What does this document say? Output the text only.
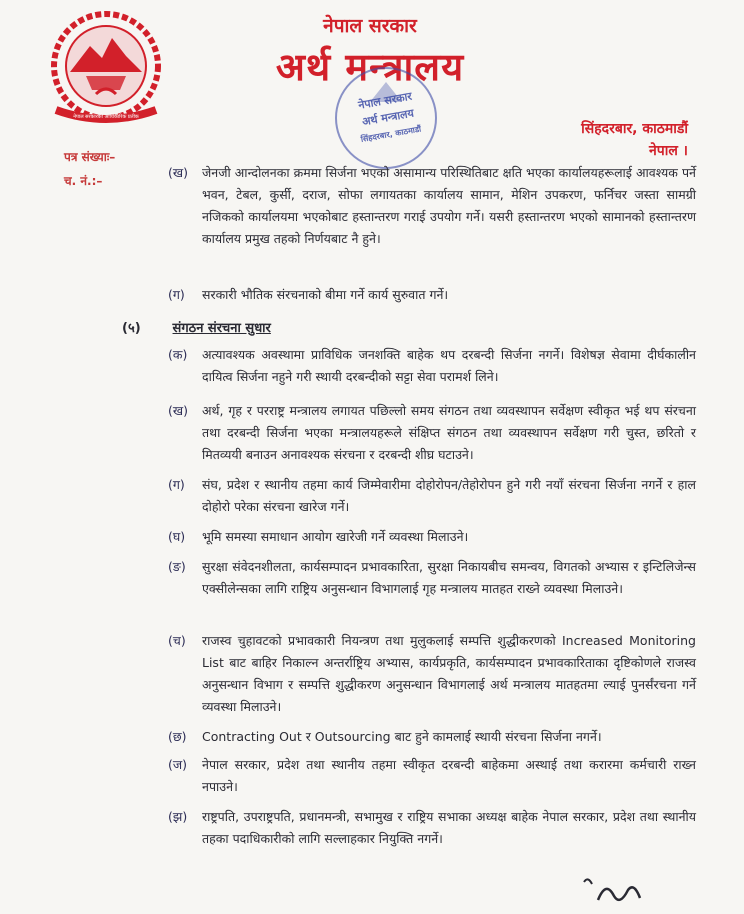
नेपाल सरकारको आधिकारिक प्रतीक
नेपाल सरकार
अर्थ मन्त्रालय
नेपाल सरकार
अर्थ मन्त्रालय
सिंहदरबार, काठमाडौं	सिंहदरबार, काठमाडौं
नेपाल ।
पत्र संख्याः–
च. नं.:–
(ख) जेनजी आन्दोलनका क्रममा सिर्जना भएको असामान्य परिस्थितिबाट क्षति भएका कार्यालयहरूलाई आवश्यक पर्ने भवन, टेबल, कुर्सी, दराज, सोफा लगायतका कार्यालय सामान, मेशिन उपकरण, फर्निचर जस्ता सामग्री नजिकको कार्यालयमा भएकोबाट हस्तान्तरण गराई उपयोग गर्ने। यसरी हस्तान्तरण भएको सामानको हस्तान्तरण कार्यालय प्रमुख तहको निर्णयबाट नै हुने।
(ग) सरकारी भौतिक संरचनाको बीमा गर्ने कार्य सुरुवात गर्ने।
(५) संगठन संरचना सुधार
(क) अत्यावश्यक अवस्थामा प्राविधिक जनशक्ति बाहेक थप दरबन्दी सिर्जना नगर्ने। विशेषज्ञ सेवामा दीर्घकालीन दायित्व सिर्जना नहुने गरी स्थायी दरबन्दीको सट्टा सेवा परामर्श लिने।
(ख) अर्थ, गृह र परराष्ट्र मन्त्रालय लगायत पछिल्लो समय संगठन तथा व्यवस्थापन सर्वेक्षण स्वीकृत भई थप संरचना तथा दरबन्दी सिर्जना भएका मन्त्रालयहरूले संक्षिप्त संगठन तथा व्यवस्थापन सर्वेक्षण गरी चुस्त, छरितो र मितव्ययी बनाउन अनावश्यक संरचना र दरबन्दी शीघ्र घटाउने।
(ग) संघ, प्रदेश र स्थानीय तहमा कार्य जिम्मेवारीमा दोहोरोपन/तेहोरोपन हुने गरी नयाँ संरचना सिर्जना नगर्ने र हाल दोहोरो परेका संरचना खारेज गर्ने।
(घ) भूमि समस्या समाधान आयोग खारेजी गर्ने व्यवस्था मिलाउने।
(ङ) सुरक्षा संवेदनशीलता, कार्यसम्पादन प्रभावकारिता, सुरक्षा निकायबीच समन्वय, विगतको अभ्यास र इन्टिलिजेन्स एक्सीलेन्सका लागि राष्ट्रिय अनुसन्धान विभागलाई गृह मन्त्रालय मातहत राख्ने व्यवस्था मिलाउने।
(च) राजस्व चुहावटको प्रभावकारी नियन्त्रण तथा मुलुकलाई सम्पत्ति शुद्धीकरणको Increased Monitoring List बाट बाहिर निकाल्न अन्तर्राष्ट्रिय अभ्यास, कार्यप्रकृति, कार्यसम्पादन प्रभावकारिताका दृष्टिकोणले राजस्व अनुसन्धान विभाग र सम्पत्ति शुद्धीकरण अनुसन्धान विभागलाई अर्थ मन्त्रालय मातहतमा ल्याई पुनर्संरचना गर्ने व्यवस्था मिलाउने।
(छ) Contracting Out र Outsourcing बाट हुने कामलाई स्थायी संरचना सिर्जना नगर्ने।
(ज) नेपाल सरकार, प्रदेश तथा स्थानीय तहमा स्वीकृत दरबन्दी बाहेकमा अस्थाई तथा करारमा कर्मचारी राख्न नपाउने।
(झ) राष्ट्रपति, उपराष्ट्रपति, प्रधानमन्त्री, सभामुख र राष्ट्रिय सभाका अध्यक्ष बाहेक नेपाल सरकार, प्रदेश तथा स्थानीय तहका पदाधिकारीको लागि सल्लाहकार नियुक्ति नगर्ने।
